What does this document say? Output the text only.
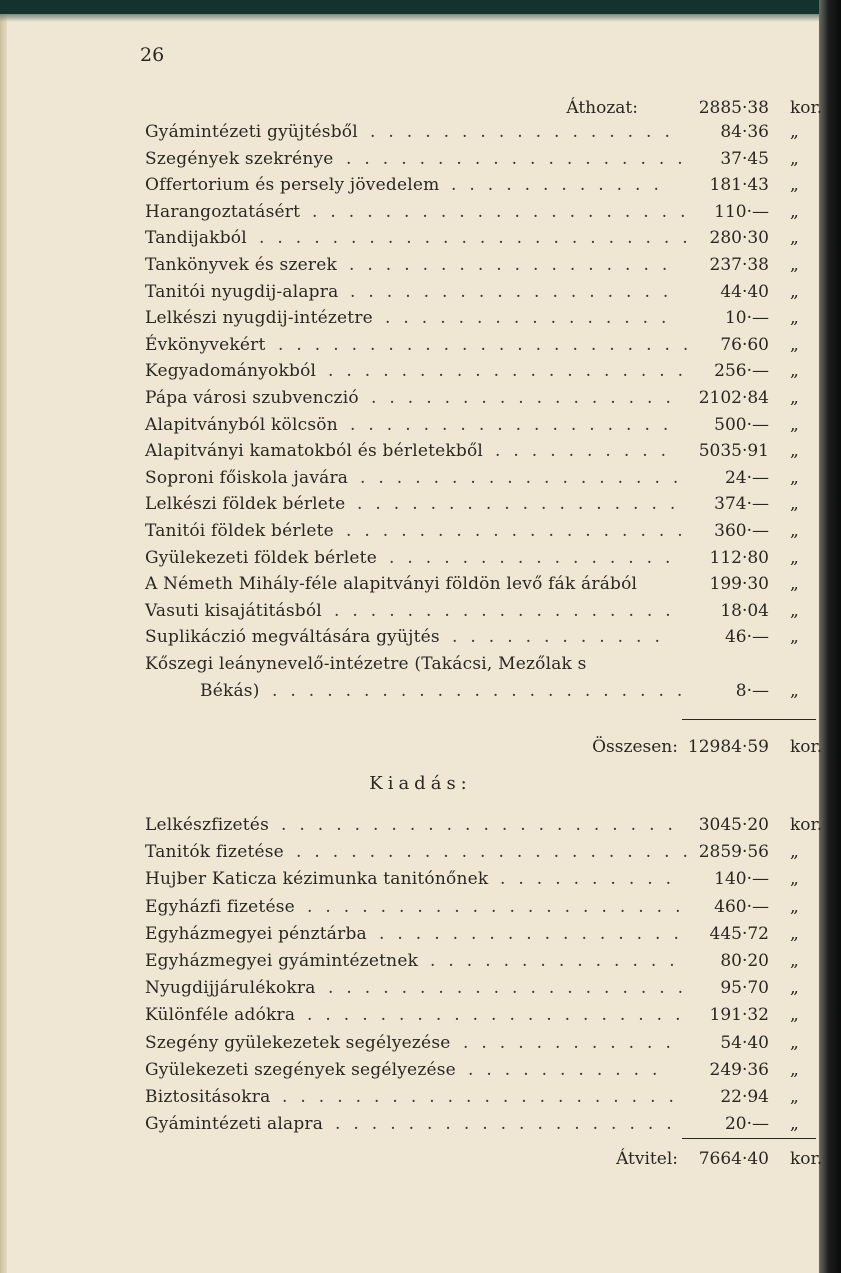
26
Áthozat:	2885·38 kor.
Gyámintézeti gyüjtésből	84·36 „
.................
Szegények szekrénye	37·45 „
...................
Offertorium és persely jövedelem	181·43 „
............
Harangoztatásért	110·— „
.....................
Tandijakból	280·30 „
........................
Tankönyvek és szerek	237·38 „
..................
Tanitói nyugdij-alapra	44·40 „
..................
Lelkészi nyugdij-intézetre	10·— „
................
Évkönyvekért	76·60 „
.......................
Kegyadományokból	256·— „
....................
Pápa városi szubvenczió	2102·84 „
.................
Alapitványból kölcsön	500·— „
..................
Alapitványi kamatokból és bérletekből	5035·91 „
..........
Soproni főiskola javára	24·— „
..................
Lelkészi földek bérlete	374·— „
..................
Tanitói földek bérlete	360·— „
...................
Gyülekezeti földek bérlete	112·80 „
................
A Németh Mihály-féle alapitványi földön levő fák árából	199·30 „
Vasuti kisajátitásból	18·04 „
...................
Suplikáczió megváltására gyüjtés	46·— „
............
Kőszegi leánynevelő-intézetre (Takácsi, Mezőlak s
Békás)	8·— „
.......................
Összesen: 12984·59 kor.
Kiadás:
Lelkészfizetés	3045·20 kor.
......................
Tanitók fizetése	2859·56 „
......................
Hujber Katicza kézimunka tanitónőnek	140·— „
..........
Egyházfi fizetése	460·— „
.....................
Egyházmegyei pénztárba	445·72 „
.................
Egyházmegyei gyámintézetnek	80·20 „
..............
Nyugdijjárulékokra	95·70 „
....................
Különféle adókra	191·32 „
.....................
Szegény gyülekezetek segélyezése	54·40 „
............
Gyülekezeti szegények segélyezése	249·36 „
...........
Biztositásokra	22·94 „
......................
Gyámintézeti alapra	20·— „
...................
Átvitel: 7664·40 kor.
